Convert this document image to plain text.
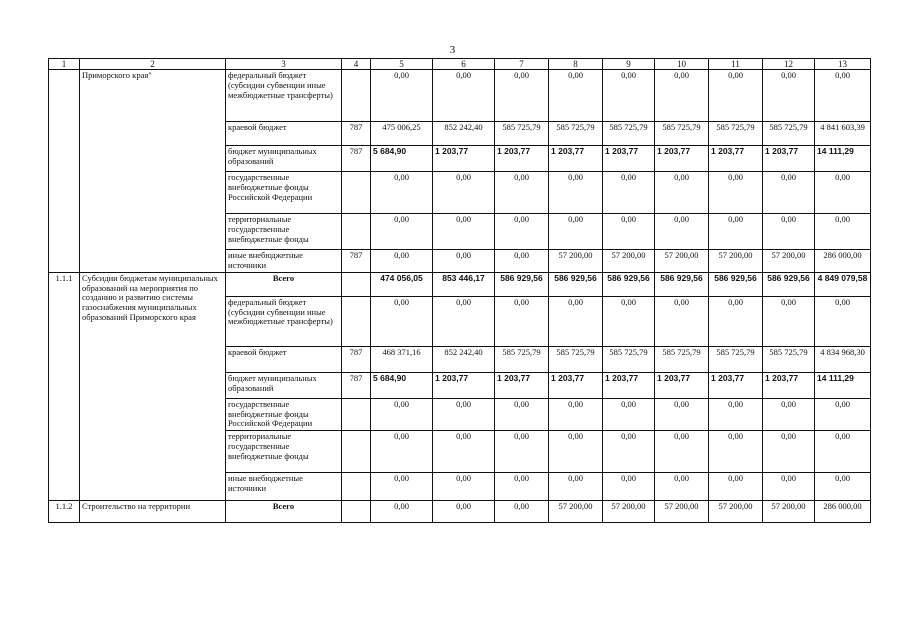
3
1	2	3	4	5	6	7	8	9	10	11	12	13
	Приморского края"	федеральный бюджет (субсидии субвенции иные межбюджетные трансферты)		0,00	0,00	0,00	0,00	0,00	0,00	0,00	0,00	0,00
		краевой бюджет	787	475 006,25	852 242,40	585 725,79	585 725,79	585 725,79	585 725,79	585 725,79	585 725,79	4 841 603,39
		бюджет муниципальных образований	787	5 684,90	1 203,77	1 203,77	1 203,77	1 203,77	1 203,77	1 203,77	1 203,77	14 111,29
		государственные внебюджетные фонды Российской Федерации		0,00	0,00	0,00	0,00	0,00	0,00	0,00	0,00	0,00
		территориальные государственные внебюджетные фонды		0,00	0,00	0,00	0,00	0,00	0,00	0,00	0,00	0,00
		иные внебюджетные источники	787	0,00	0,00	0,00	57 200,00	57 200,00	57 200,00	57 200,00	57 200,00	286 000,00
1.1.1	Субсидии бюджетам муниципальных образований на мероприятия по созданию и развитию системы газоснабжения муниципальных образований Приморского края	Всего		474 056,05	853 446,17	586 929,56	586 929,56	586 929,56	586 929,56	586 929,56	586 929,56	4 849 079,58
		федеральный бюджет (субсидии субвенции иные межбюджетные трансферты)		0,00	0,00	0,00	0,00	0,00	0,00	0,00	0,00	0,00
		краевой бюджет	787	468 371,16	852 242,40	585 725,79	585 725,79	585 725,79	585 725,79	585 725,79	585 725,79	4 834 968,30
		бюджет муниципальных образований	787	5 684,90	1 203,77	1 203,77	1 203,77	1 203,77	1 203,77	1 203,77	1 203,77	14 111,29
		государственные внебюджетные фонды Российской Федерации		0,00	0,00	0,00	0,00	0,00	0,00	0,00	0,00	0,00
		территориальные государственные внебюджетные фонды		0,00	0,00	0,00	0,00	0,00	0,00	0,00	0,00	0,00
		иные внебюджетные источники		0,00	0,00	0,00	0,00	0,00	0,00	0,00	0,00	0,00
1.1.2	Строительство на территории	Всего		0,00	0,00	0,00	57 200,00	57 200,00	57 200,00	57 200,00	57 200,00	286 000,00
